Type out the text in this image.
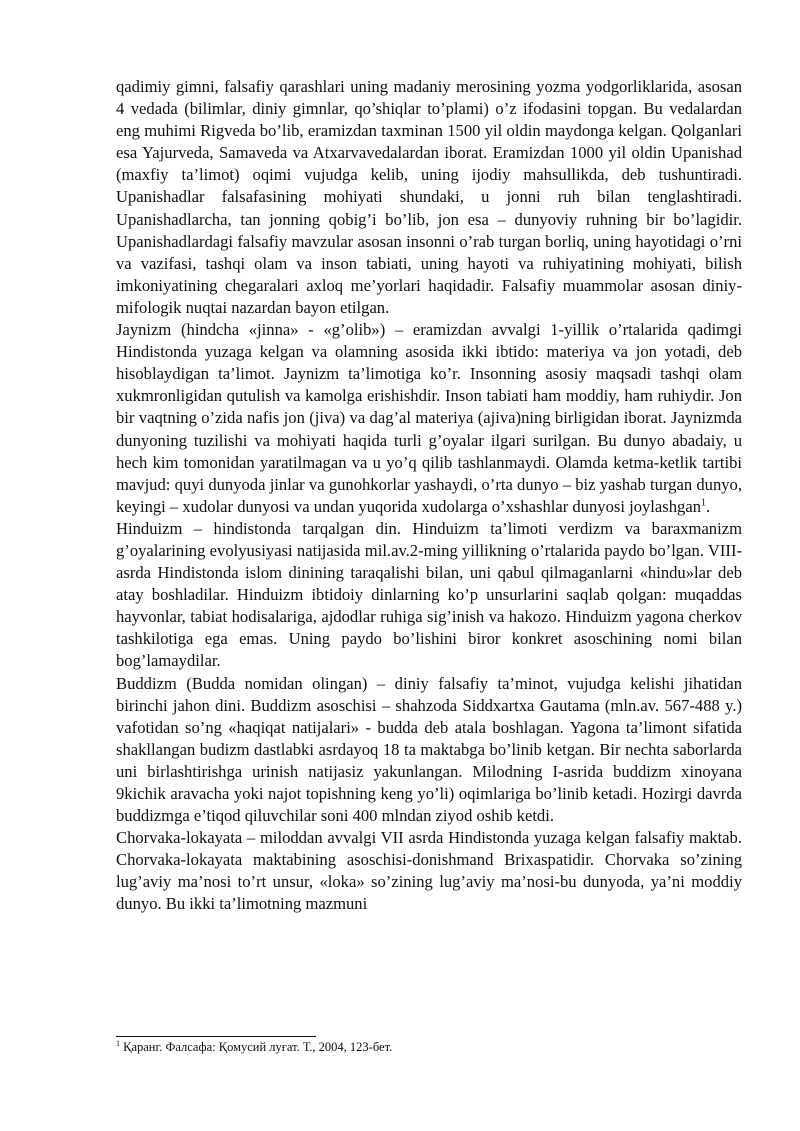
qadimiy gimni, falsafiy qarashlari uning madaniy merosining yozma yodgorliklarida, asosan 4 vedada (bilimlar, diniy gimnlar, qo’shiqlar to’plami) o’z ifodasini topgan. Bu vedalardan eng muhimi Rigveda bo’lib, eramizdan taxminan 1500 yil oldin maydonga kelgan. Qolganlari esa Yajurveda, Samaveda va Atxarvavedalardan iborat. Eramizdan 1000 yil oldin Upanishad (maxfiy ta’limot) oqimi vujudga kelib, uning ijodiy mahsullikda, deb tushuntiradi. Upanishadlar falsafasining mohiyati shundaki, u jonni ruh bilan tenglashtiradi. Upanishadlarcha, tan jonning qobig’i bo’lib, jon esa – dunyoviy ruhning bir bo’lagidir. Upanishadlardagi falsafiy mavzular asosan insonni o’rab turgan borliq, uning hayotidagi o’rni va vazifasi, tashqi olam va inson tabiati, uning hayoti va ruhiyatining mohiyati, bilish imkoniyatining chegaralari axloq me’yorlari haqidadir. Falsafiy muammolar asosan diniy-mifologik nuqtai nazardan bayon etilgan.

Jaynizm (hindcha «jinna» - «g’olib») – eramizdan avvalgi 1-yillik o’rtalarida qadimgi Hindistonda yuzaga kelgan va olamning asosida ikki ibtido: materiya va jon yotadi, deb hisoblaydigan ta’limot. Jaynizm ta’limotiga ko’r. Insonning asosiy maqsadi tashqi olam xukmronligidan qutulish va kamolga erishishdir. Inson tabiati ham moddiy, ham ruhiydir. Jon bir vaqtning o’zida nafis jon (jiva) va dag’al materiya (ajiva)ning birligidan iborat. Jaynizmda dunyoning tuzilishi va mohiyati haqida turli g’oyalar ilgari surilgan. Bu dunyo abadaiy, u hech kim tomonidan yaratilmagan va u yo’q qilib tashlanmaydi. Olamda ketma-ketlik tartibi mavjud: quyi dunyoda jinlar va gunohkorlar yashaydi, o’rta dunyo – biz yashab turgan dunyo, keyingi – xudolar dunyosi va undan yuqorida xudolarga o’xshashlar dunyosi joylashgan$^1$.

Hinduizm – hindistonda tarqalgan din. Hinduizm ta’limoti verdizm va baraxmanizm g’oyalarining evolyusiyasi natijasida mil.av.2-ming yillikning o’rtalarida paydo bo’lgan. VIII-asrda Hindistonda islom dinining taraqalishi bilan, uni qabul qilmaganlarni «hindu»lar deb atay boshladilar. Hinduizm ibtidoiy dinlarning ko’p unsurlarini saqlab qolgan: muqaddas hayvonlar, tabiat hodisalariga, ajdodlar ruhiga sig’inish va hakozo. Hinduizm yagona cherkov tashkilotiga ega emas. Uning paydo bo’lishini biror konkret asoschining nomi bilan bog’lamaydilar.

Buddizm (Budda nomidan olingan) – diniy falsafiy ta’minot, vujudga kelishi jihatidan birinchi jahon dini. Buddizm asoschisi – shahzoda Siddxartxa Gautama (mln.av. 567-488 y.) vafotidan so’ng «haqiqat natijalari» - budda deb atala boshlagan. Yagona ta’limont sifatida shakllangan budizm dastlabki asrdayoq 18 ta maktabga bo’linib ketgan. Bir nechta saborlarda uni birlashtirishga urinish natijasiz yakunlangan. Milodning I-asrida buddizm xinoyana 9kichik aravacha yoki najot topishning keng yo’li) oqimlariga bo’linib ketadi. Hozirgi davrda buddizmga e’tiqod qiluvchilar soni 400 mlndan ziyod oshib ketdi.

Chorvaka-lokayata – miloddan avvalgi VII asrda Hindistonda yuzaga kelgan falsafiy maktab. Chorvaka-lokayata maktabining asoschisi-donishmand Brixaspatidir. Chorvaka so’zining lug’aviy ma’nosi to’rt unsur, «loka» so’zining lug’aviy ma’nosi-bu dunyoda, ya’ni moddiy dunyo. Bu ikki ta’limotning mazmuni

$^1$ Қаранг. Фалсафа: Қомусий луғат. Т., 2004, 123-бет.
